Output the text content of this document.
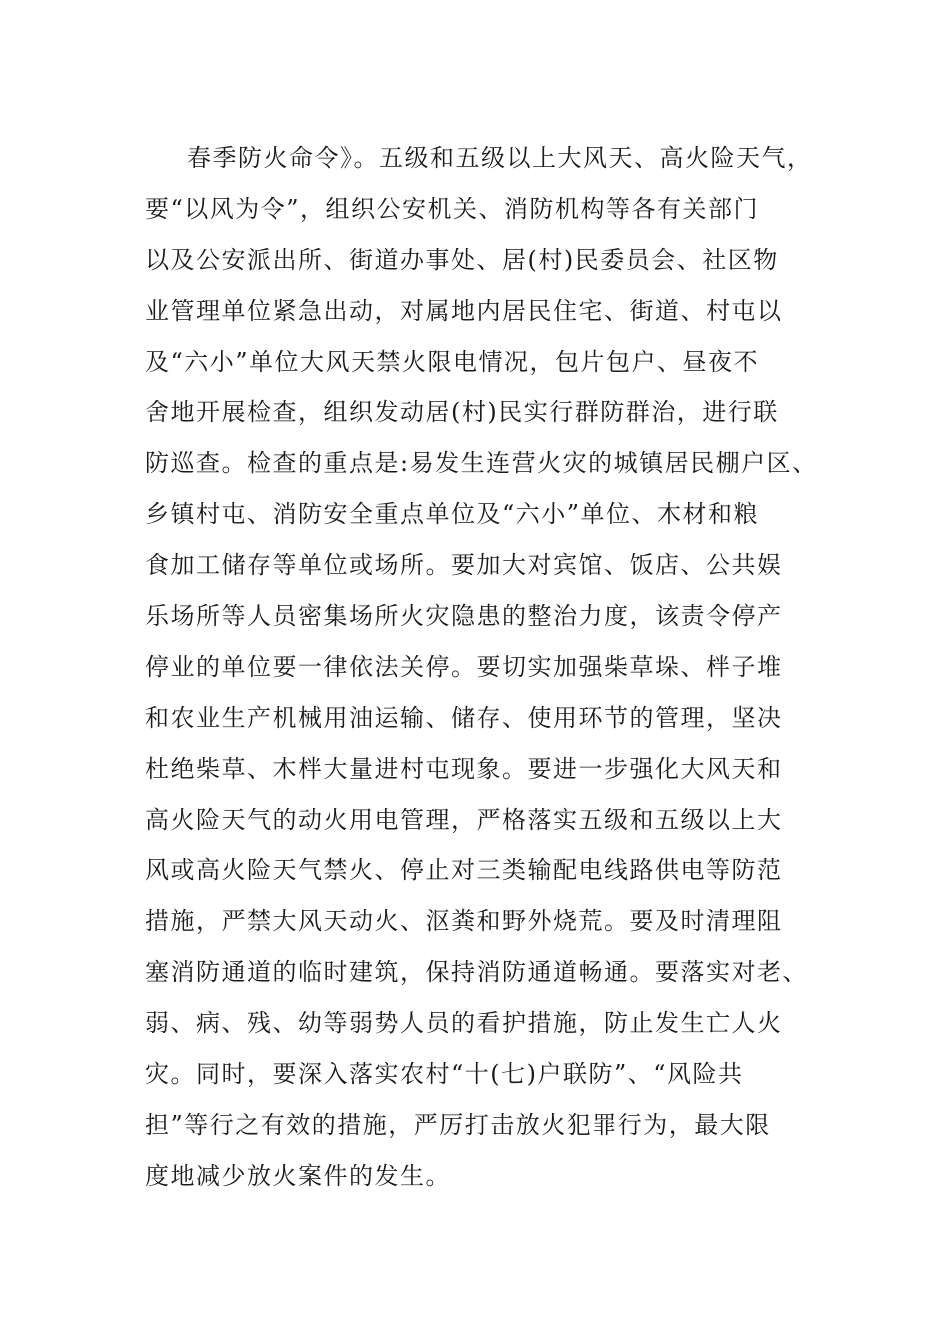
春季防火命令》。五级和五级以上大风天、高火险天气，
要“以风为令”，组织公安机关、消防机构等各有关部门
以及公安派出所、街道办事处、居(村)民委员会、社区物
业管理单位紧急出动，对属地内居民住宅、街道、村屯以
及“六小”单位大风天禁火限电情况，包片包户、昼夜不
舍地开展检查，组织发动居(村)民实行群防群治，进行联
防巡查。检查的重点是:易发生连营火灾的城镇居民棚户区、
乡镇村屯、消防安全重点单位及“六小”单位、木材和粮
食加工储存等单位或场所。要加大对宾馆、饭店、公共娱
乐场所等人员密集场所火灾隐患的整治力度，该责令停产
停业的单位要一律依法关停。要切实加强柴草垛、柈子堆
和农业生产机械用油运输、储存、使用环节的管理，坚决
杜绝柴草、木柈大量进村屯现象。要进一步强化大风天和
高火险天气的动火用电管理，严格落实五级和五级以上大
风或高火险天气禁火、停止对三类输配电线路供电等防范
措施，严禁大风天动火、沤粪和野外烧荒。要及时清理阻
塞消防通道的临时建筑，保持消防通道畅通。要落实对老、
弱、病、残、幼等弱势人员的看护措施，防止发生亡人火
灾。同时，要深入落实农村“十(七)户联防”、“风险共
担”等行之有效的措施，严厉打击放火犯罪行为，最大限
度地减少放火案件的发生。
